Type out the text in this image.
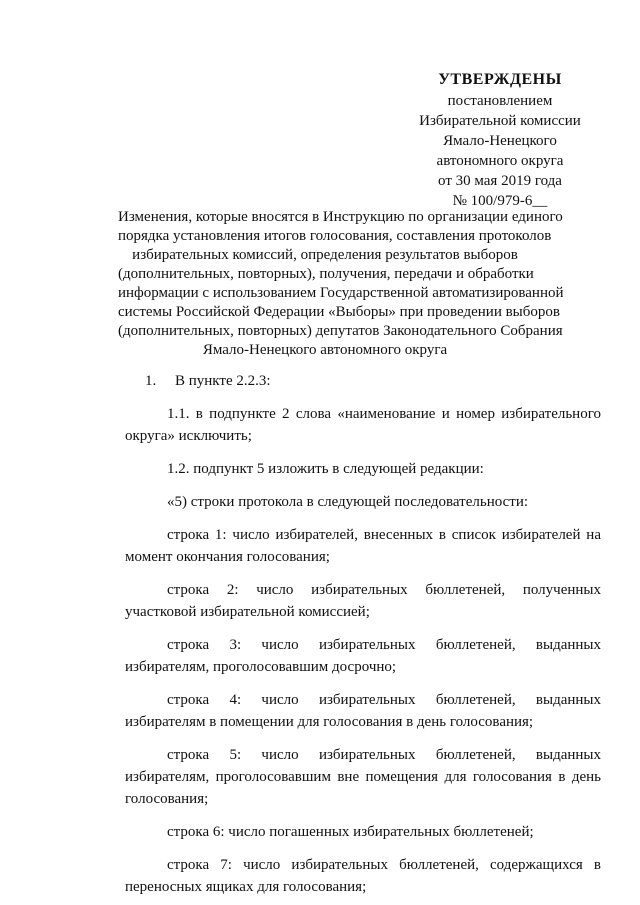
УТВЕРЖДЕНЫ
постановлением
Избирательной комиссии
Ямало-Ненецкого
автономного округа
от 30 мая 2019 года
№ 100/979-6__
Изменения, которые вносятся в Инструкцию по организации единого
порядка установления итогов голосования, составления протоколов
избирательных комиссий, определения результатов выборов
(дополнительных, повторных), получения, передачи и обработки
информации с использованием Государственной автоматизированной
системы Российской Федерации «Выборы» при проведении выборов
(дополнительных, повторных) депутатов Законодательного Собрания
Ямало-Ненецкого автономного округа

1. В пункте 2.2.3:

1.1. в подпункте 2 слова «наименование и номер избирательного округа» исключить;

1.2. подпункт 5 изложить в следующей редакции:

«5) строки протокола в следующей последовательности:

строка 1: число избирателей, внесенных в список избирателей на момент окончания голосования;

строка 2: число избирательных бюллетеней, полученных участковой избирательной комиссией;

строка 3: число избирательных бюллетеней, выданных избирателям, проголосовавшим досрочно;

строка 4: число избирательных бюллетеней, выданных избирателям в помещении для голосования в день голосования;

строка 5: число избирательных бюллетеней, выданных избирателям, проголосовавшим вне помещения для голосования в день голосования;

строка 6: число погашенных избирательных бюллетеней;

строка 7: число избирательных бюллетеней, содержащихся в переносных ящиках для голосования;
